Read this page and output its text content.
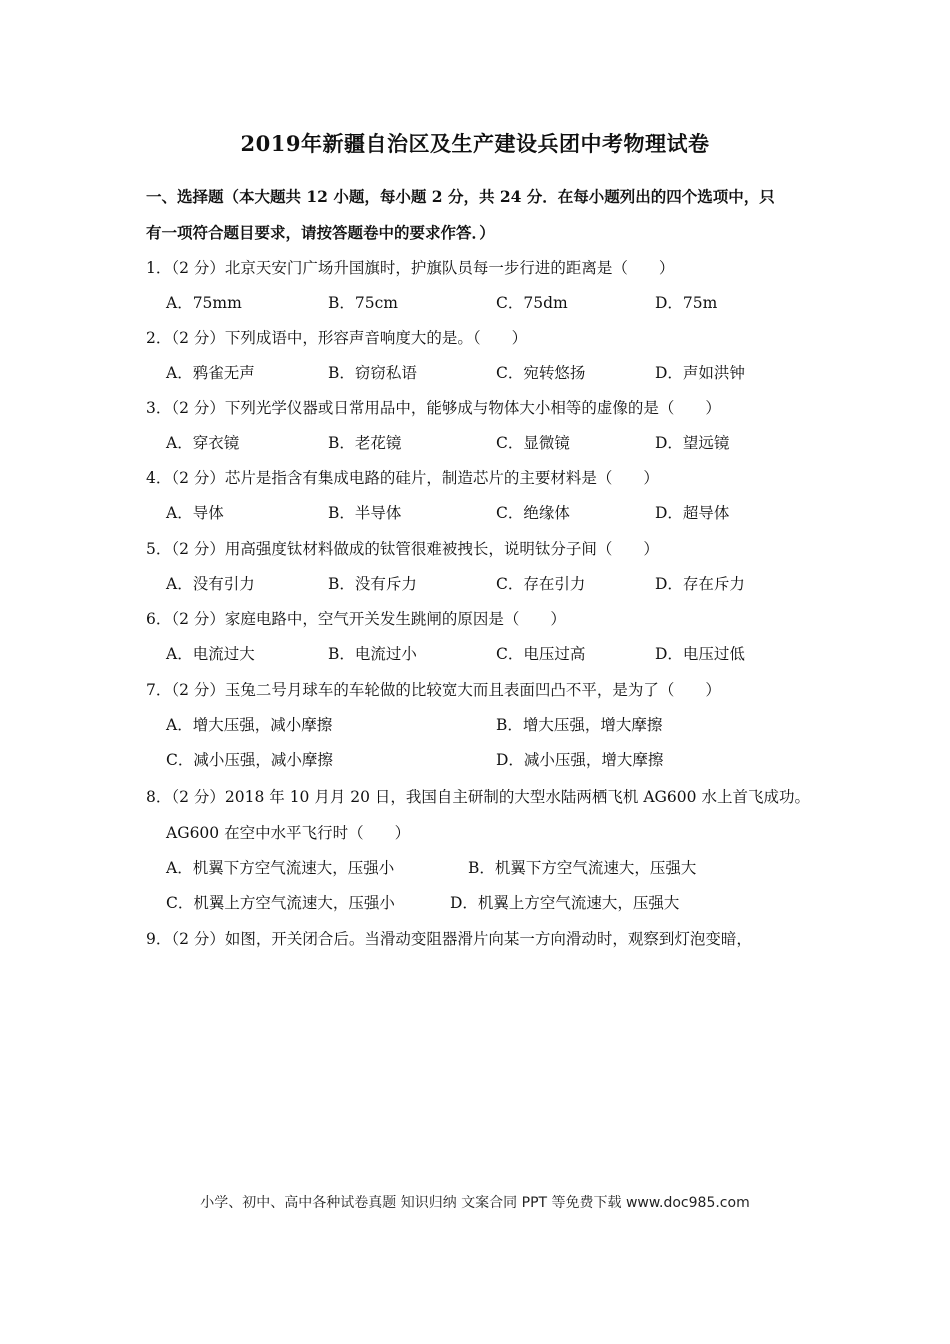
2019年新疆自治区及生产建设兵团中考物理试卷
一、选择题（本大题共 12 小题，每小题 2 分，共 24 分．在每小题列出的四个选项中，只
有一项符合题目要求，请按答题卷中的要求作答．）
1．（2 分）北京天安门广场升国旗时，护旗队员每一步行进的距离是（　　）
A．75mm	B．75cm	C．75dm	D．75m
2．（2 分）下列成语中，形容声音响度大的是。（　　）
A．鸦雀无声	B．窃窃私语	C．宛转悠扬	D．声如洪钟
3．（2 分）下列光学仪器或日常用品中，能够成与物体大小相等的虚像的是（　　）
A．穿衣镜	B．老花镜	C．显微镜	D．望远镜
4．（2 分）芯片是指含有集成电路的硅片，制造芯片的主要材料是（　　）
A．导体	B．半导体	C．绝缘体	D．超导体
5．（2 分）用高强度钛材料做成的钛管很难被拽长，说明钛分子间（　　）
A．没有引力	B．没有斥力	C．存在引力	D．存在斥力
6．（2 分）家庭电路中，空气开关发生跳闸的原因是（　　）
A．电流过大	B．电流过小	C．电压过高	D．电压过低
7．（2 分）玉兔二号月球车的车轮做的比较宽大而且表面凹凸不平，是为了（　　）
A．增大压强，减小摩擦	B．增大压强，增大摩擦
C．减小压强，减小摩擦	D．减小压强，增大摩擦
8．（2 分）2018 年 10 月月 20 日，我国自主研制的大型水陆两栖飞机 AG600 水上首飞成功。
AG600 在空中水平飞行时（　　）
A．机翼下方空气流速大，压强小	B．机翼下方空气流速大，压强大
C．机翼上方空气流速大，压强小	D．机翼上方空气流速大，压强大
9．（2 分）如图，开关闭合后。当滑动变阻器滑片向某一方向滑动时，观察到灯泡变暗，
小学、初中、高中各种试卷真题 知识归纳 文案合同 PPT 等免费下载 www.doc985.com
